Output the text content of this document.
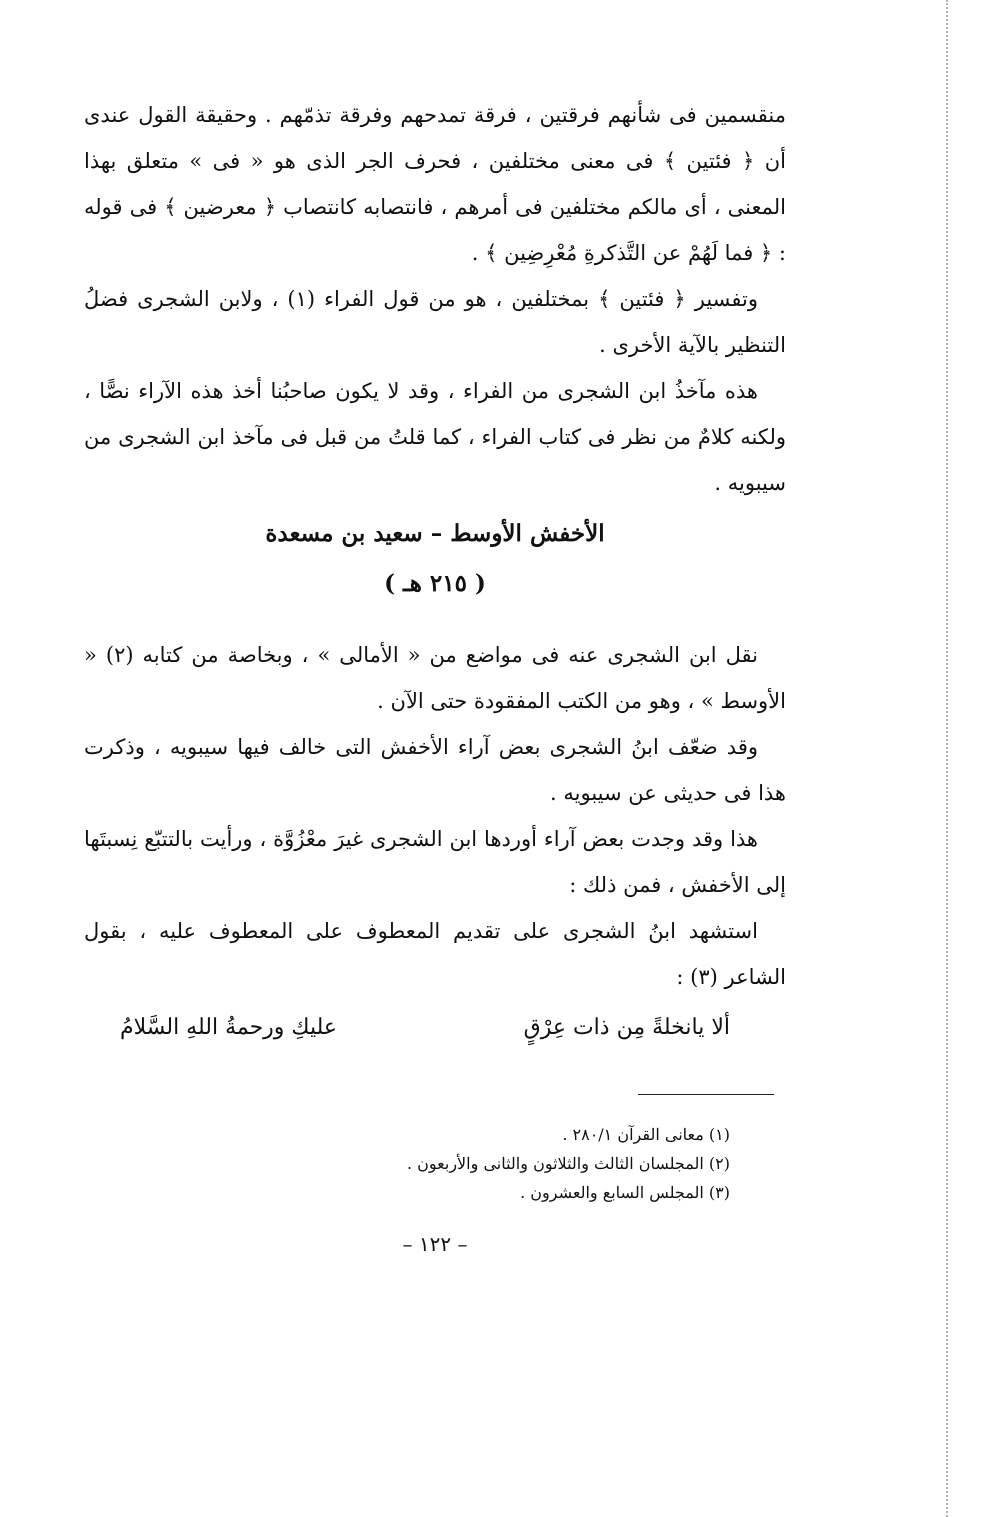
منقسمين فى شأنهم فرقتين ، فرقة تمدحهم وفرقة تذمّهم . وحقيقة القول عندى أن ﴿ فئتين ﴾ فى معنى مختلفين ، فحرف الجر الذى هو « فى » متعلق بهذا المعنى ، أى مالكم مختلفين فى أمرهم ، فانتصابه كانتصاب ﴿ معرضين ﴾ فى قوله : ﴿ فما لَهُمْ عن التَّذكرةِ مُعْرِضِين ﴾ .

وتفسير ﴿ فئتين ﴾ بمختلفين ، هو من قول الفراء (١) ، ولابن الشجرى فضلُ التنظير بالآية الأخرى .

هذه مآخذُ ابن الشجرى من الفراء ، وقد لا يكون صاحبُنا أخذ هذه الآراء نصًّا ، ولكنه كلامٌ من نظر فى كتاب الفراء ، كما قلتُ من قبل فى مآخذ ابن الشجرى من سيبويه .

الأخفش الأوسط – سعيد بن مسعدة
( ٢١٥ هـ )

نقل ابن الشجرى عنه فى مواضع من « الأمالى » ، وبخاصة من كتابه (٢) « الأوسط » ، وهو من الكتب المفقودة حتى الآن .

وقد ضعّف ابنُ الشجرى بعض آراء الأخفش التى خالف فيها سيبويه ، وذكرت هذا فى حديثى عن سيبويه .

هذا وقد وجدت بعض آراء أوردها ابن الشجرى غيرَ معْزُوَّة ، ورأيت بالتتبّع نِسبتَها إلى الأخفش ، فمن ذلك :

استشهد ابنُ الشجرى على تقديم المعطوف على المعطوف عليه ، بقول الشاعر (٣) :

ألا يانخلةً مِن ذات عِرْقٍ
عليكِ ورحمةُ اللهِ السَّلامُ
(١) معانى القرآن ٢٨٠/١ .
(٢) المجلسان الثالث والثلاثون والثانى والأربعون .
(٣) المجلس السابع والعشرون .

– ١٢٢ –
